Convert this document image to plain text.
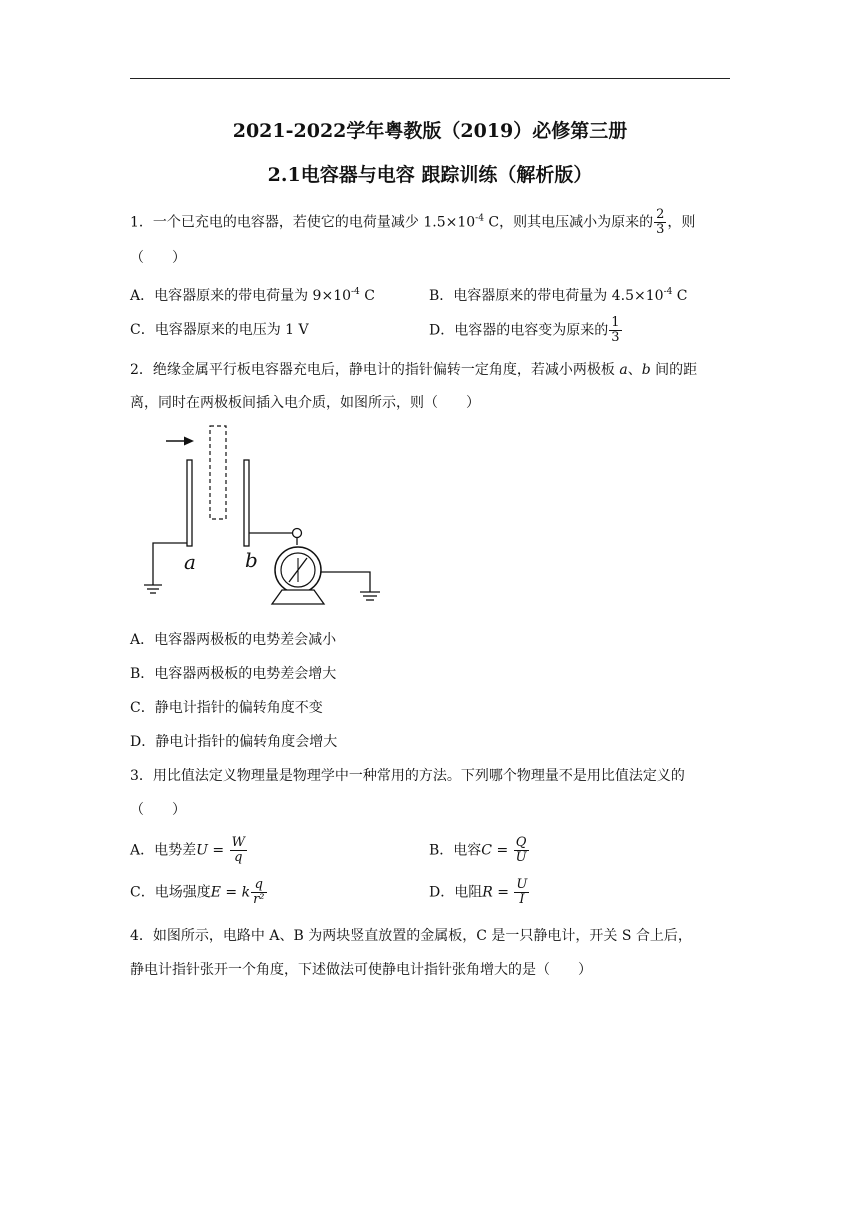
2021-2022学年粤教版（2019）必修第三册
2.1电容器与电容 跟踪训练（解析版）
1．一个已充电的电容器，若使它的电荷量减少 $1.5\times 10^{-4}$ C，则其电压减小为原来的 $\frac{2}{3}$ ，则
（　　）
A．电容器原来的带电荷量为 $9\times 10^{-4}$ C	B．电容器原来的带电荷量为 $4.5\times 10^{-4}$ C
C．电容器原来的电压为 1 V	D．电容器的电容变为原来的 $\frac{1}{3}$
2．绝缘金属平行板电容器充电后，静电计的指针偏转一定角度，若减小两极板 a、b 间的距
离，同时在两极板间插入电介质，如图所示，则（　　）
a b
A．电容器两极板的电势差会减小
B．电容器两极板的电势差会增大
C．静电计指针的偏转角度不变
D．静电计指针的偏转角度会增大
3．用比值法定义物理量是物理学中一种常用的方法。下列哪个物理量不是用比值法定义的
（　　）
A．电势差$U = \frac{W}{q}$	B．电容$C = \frac{Q}{U}$
C．电场强度E = k $\frac{q}{\text{r²}}$	D．电阻$R = \frac{U}{I}$
4．如图所示，电路中 A、B 为两块竖直放置的金属板，C 是一只静电计，开关 S 合上后，
静电计指针张开一个角度，下述做法可使静电计指针张角增大的是（　　）
